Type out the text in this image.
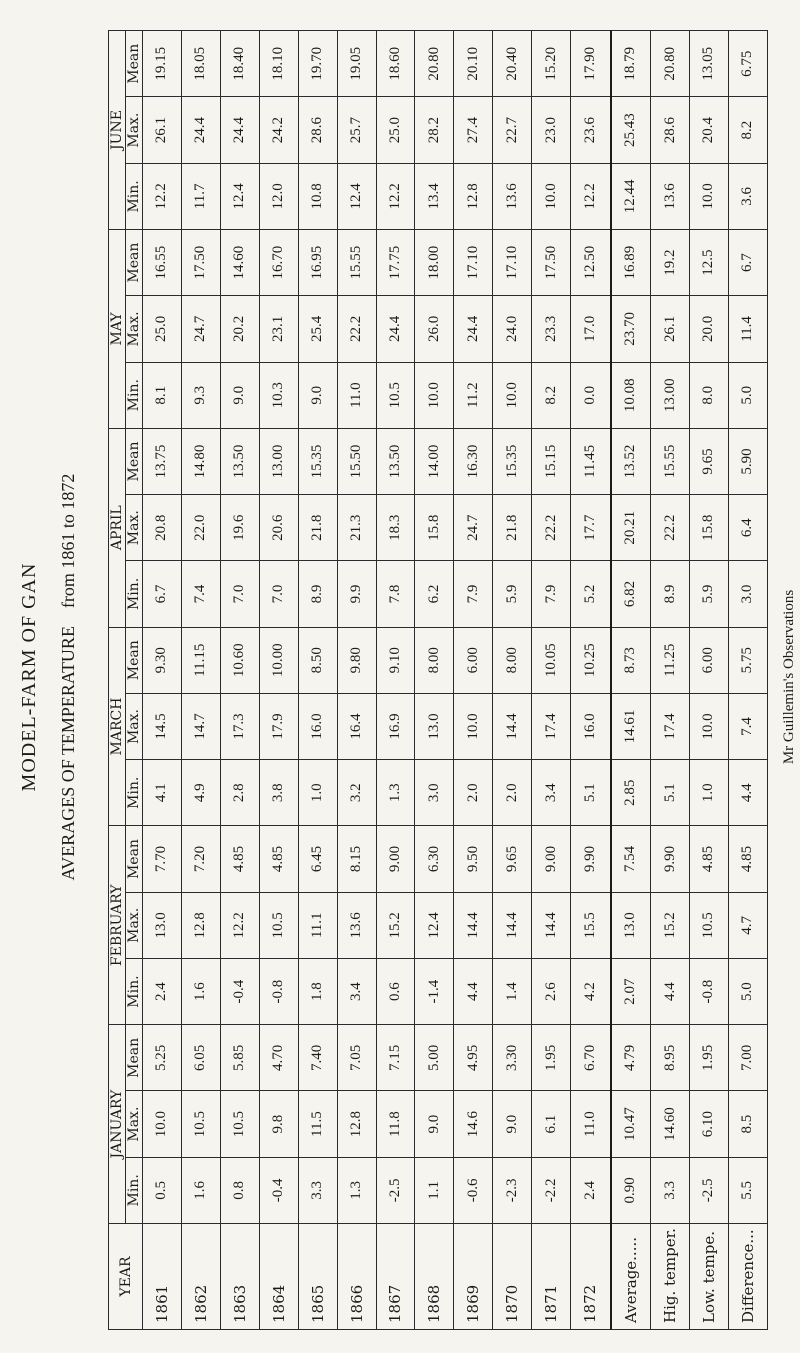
MODEL-FARM OF GAN AVERAGES OF TEMPERATURE    from 1861 to 1872
Mr Guillemin's Observations
YEAR	JANUARY			FEBRUARY			MARCH			APRIL			MAY			JUNE		
	Min.	Max.	Mean	Min.	Max.	Mean	Min.	Max.	Mean	Min.	Max.	Mean	Min.	Max.	Mean	Min.	Max.	Mean
1861	0.5	10.0	5.25	2.4	13.0	7.70	4.1	14.5	9.30	6.7	20.8	13.75	8.1	25.0	16.55	12.2	26.1	19.15
1862	1.6	10.5	6.05	1.6	12.8	7.20	4.9	14.7	11.15	7.4	22.0	14.80	9.3	24.7	17.50	11.7	24.4	18.05
1863	0.8	10.5	5.85	-0.4	12.2	4.85	2.8	17.3	10.60	7.0	19.6	13.50	9.0	20.2	14.60	12.4	24.4	18.40
1864	-0.4	9.8	4.70	-0.8	10.5	4.85	3.8	17.9	10.00	7.0	20.6	13.00	10.3	23.1	16.70	12.0	24.2	18.10
1865	3.3	11.5	7.40	1.8	11.1	6.45	1.0	16.0	8.50	8.9	21.8	15.35	9.0	25.4	16.95	10.8	28.6	19.70
1866	1.3	12.8	7.05	3.4	13.6	8.15	3.2	16.4	9.80	9.9	21.3	15.50	11.0	22.2	15.55	12.4	25.7	19.05
1867	-2.5	11.8	7.15	0.6	15.2	9.00	1.3	16.9	9.10	7.8	18.3	13.50	10.5	24.4	17.75	12.2	25.0	18.60
1868	1.1	9.0	5.00	-1.4	12.4	6.30	3.0	13.0	8.00	6.2	15.8	14.00	10.0	26.0	18.00	13.4	28.2	20.80
1869	-0.6	14.6	4.95	4.4	14.4	9.50	2.0	10.0	6.00	7.9	24.7	16.30	11.2	24.4	17.10	12.8	27.4	20.10
1870	-2.3	9.0	3.30	1.4	14.4	9.65	2.0	14.4	8.00	5.9	21.8	15.35	10.0	24.0	17.10	13.6	22.7	20.40
1871	-2.2	6.1	1.95	2.6	14.4	9.00	3.4	17.4	10.05	7.9	22.2	15.15	8.2	23.3	17.50	10.0	23.0	15.20
1872	2.4	11.0	6.70	4.2	15.5	9.90	5.1	16.0	10.25	5.2	17.7	11.45	0.0	17.0	12.50	12.2	23.6	17.90
Average.....	0.90	10.47	4.79	2.07	13.0	7.54	2.85	14.61	8.73	6.82	20.21	13.52	10.08	23.70	16.89	12.44	25.43	18.79
Hig. temper.	3.3	14.60	8.95	4.4	15.2	9.90	5.1	17.4	11.25	8.9	22.2	15.55	13.00	26.1	19.2	13.6	28.6	20.80
Low. tempe.	-2.5	6.10	1.95	-0.8	10.5	4.85	1.0	10.0	6.00	5.9	15.8	9.65	8.0	20.0	12.5	10.0	20.4	13.05
Difference...	5.5	8.5	7.00	5.0	4.7	4.85	4.4	7.4	5.75	3.0	6.4	5.90	5.0	11.4	6.7	3.6	8.2	6.75
